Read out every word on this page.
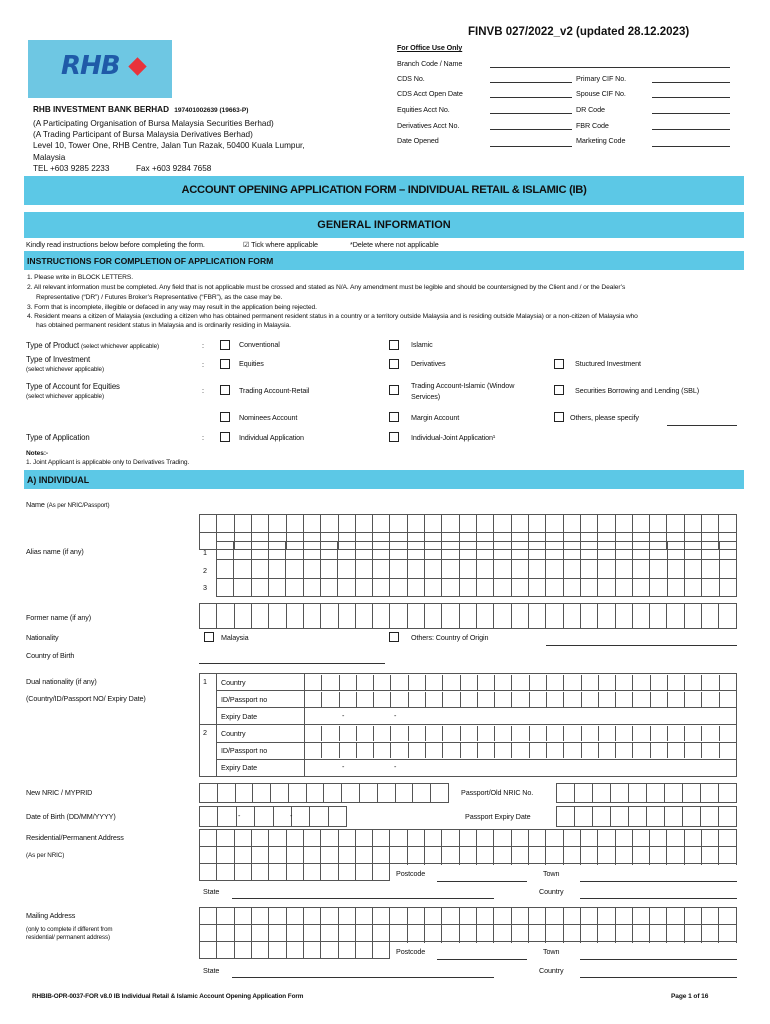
FINVB 027/2022_v2 (updated 28.12.2023)
RHB
RHB INVESTMENT BANK BERHAD 197401002639 (19663-P)
(A Participating Organisation of Bursa Malaysia Securities Berhad)
(A Trading Participant of Bursa Malaysia Derivatives Berhad)
Level 10, Tower One, RHB Centre, Jalan Tun Razak, 50400 Kuala Lumpur,
Malaysia
TEL +603 9285 2233	Fax +603 9284 7658
For Office Use Only
Branch Code / Name
CDS No.	Primary CIF No.
CDS Acct Open Date	Spouse CIF No.
Equities Acct No.	DR Code
Derivatives Acct No.	FBR Code
Date Opened	Marketing Code
ACCOUNT OPENING APPLICATION FORM – INDIVIDUAL RETAIL & ISLAMIC (IB)
GENERAL INFORMATION
Kindly read instructions below before completing the form.	☑ Tick where applicable	*Delete where not applicable
INSTRUCTIONS FOR COMPLETION OF APPLICATION FORM
1. Please write in BLOCK LETTERS.
2. All relevant information must be completed. Any field that is not applicable must be crossed and stated as N/A. Any amendment must be legible and should be countersigned by the Client and / or the Dealer’s
Representative (“DR”) / Futures Broker’s Representative (“FBR”), as the case may be.
3. Form that is incomplete, illegible or defaced in any way may result in the application being rejected.
4. Resident means a citizen of Malaysia (excluding a citizen who has obtained permanent resident status in a country or a territory outside Malaysia and is residing outside Malaysia) or a non-citizen of Malaysia who
has obtained permanent resident status in Malaysia and is ordinarily residing in Malaysia.
Type of Product (select whichever applicable)	:	Conventional	Islamic
Type of Investment
(select whichever applicable)
:	Equities	Derivatives	Stuctured Investment
Type of Account for Equities
(select whichever applicable)
:	Trading Account-Retail
Trading Account-Islamic (Window
Services)
Securities Borrowing and Lending (SBL)
Nominees Account	Margin Account	Others, please specify
Type of Application	:	Individual Application	Individual-Joint Application¹
Notes:-
1. Joint Applicant is applicable only to Derivatives Trading.
A) INDIVIDUAL
Name (As per NRIC/Passport)

Alias name (if any)	1
2
3

Former name (if any)

Nationality	Malaysia	Others: Country of Origin
Country of Birth
Dual nationality (if any)
(Country/ID/Passport NO/ Expiry Date)
1	Country	

	ID/Passport no	

	Expiry Date	- -

2	Country	

	ID/Passport no	

	Expiry Date	- -
New NRIC / MYPRID
														Passport/Old NRIC No.

Date of Birth (DD/MM/YYYY)
								-	-	Passport Expiry Date

Residential/Permanent Address
(As per NRIC)

Postcode	Town
State	Country
Mailing Address
(only to complete if different from
residential/ permanent address)

Postcode	Town
State	Country
RHBIB-OPR-0037-FOR v8.0 IB Individual Retail & Islamic Account Opening Application Form	Page 1 of 16
